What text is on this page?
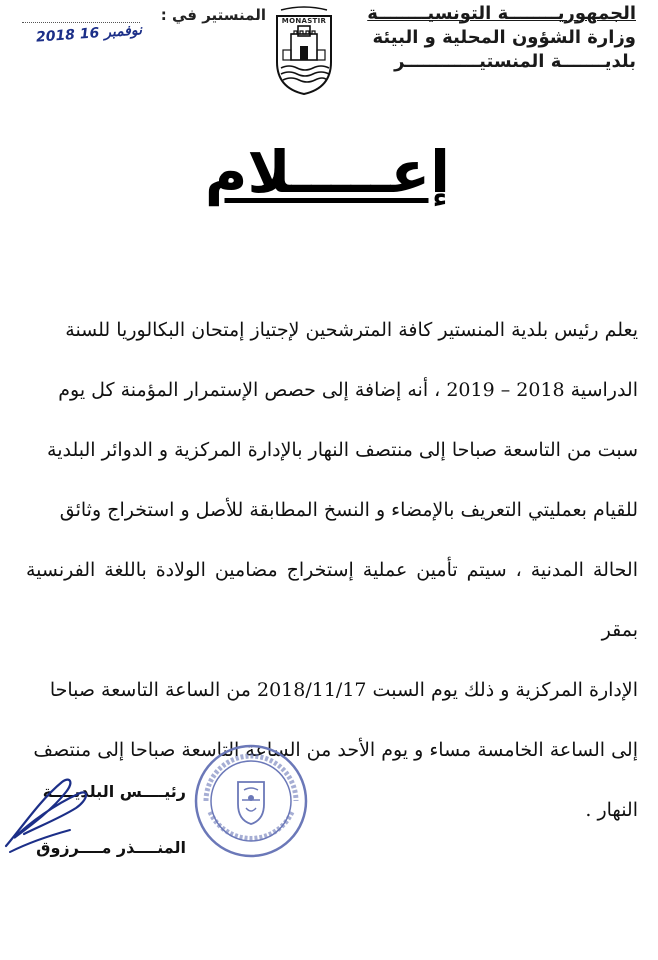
الجمهوريــــــــة التونسيــــــــة
وزارة الشؤون المحلية و البيئة
بلديـــــــة المنستيــــــــــــر
MONASTIR
المنستير في :
2018 نوفمبر 16
إعـــــلام
يعلم رئيس بلدية المنستير كافة المترشحين لإجتياز إمتحان البكالوريا للسنة
الدراسية 2018 – 2019 ، أنه إضافة إلى حصص الإستمرار المؤمنة كل يوم
سبت من التاسعة صباحا إلى منتصف النهار بالإدارة المركزية و الدوائر البلدية
للقيام بعمليتي التعريف بالإمضاء و النسخ المطابقة للأصل و استخراج وثائق
الحالة المدنية ، سيتم تأمين عملية إستخراج مضامين الولادة باللغة الفرنسية بمقر
الإدارة المركزية و ذلك يوم السبت 2018/11/17 من الساعة التاسعة صباحا
إلى الساعة الخامسة مساء و يوم الأحد من الساعة التاسعة صباحا إلى منتصف
النهار .
رئيــــس البلديــــة
المنــــذر مــــرزوق
